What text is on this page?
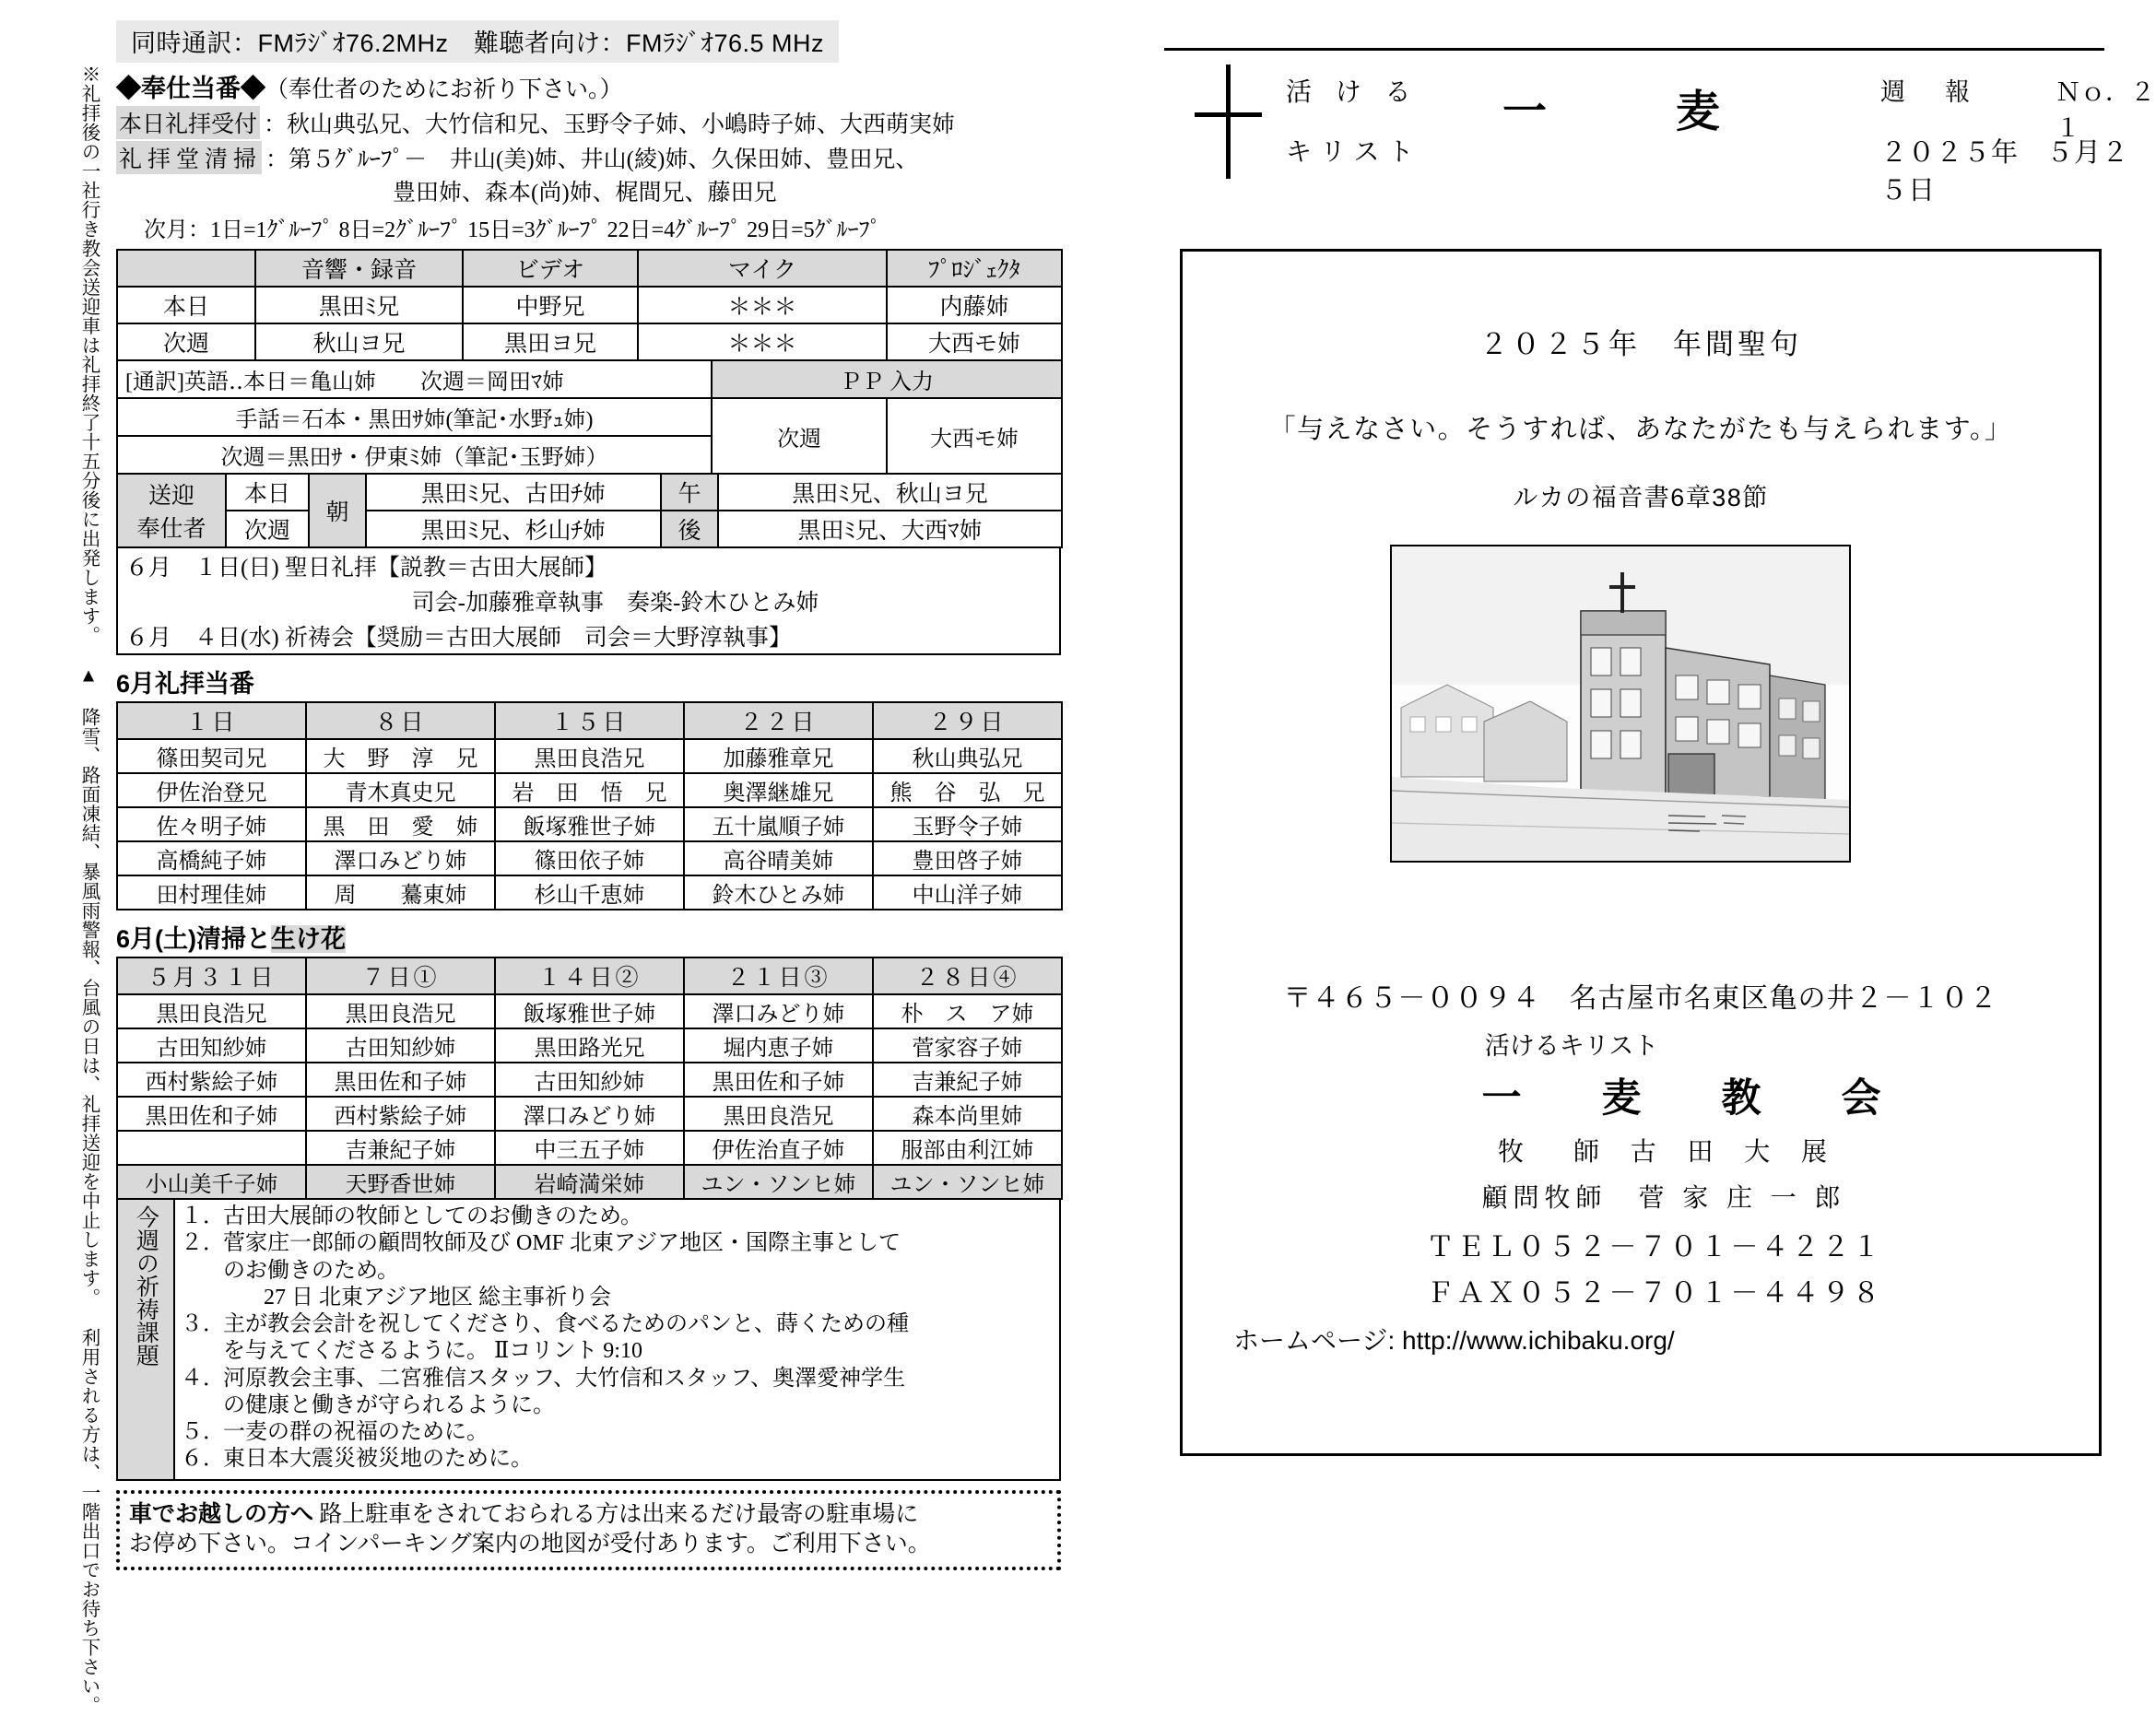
※礼拝後の一社行き教会送迎車は礼拝終了十五分後に出発します。 ▲ 降雪、路面凍結、暴風雨警報、台風の日は、礼拝送迎を中止します。 利用される方は、一階出口でお待ち下さい。
同時通訳：FMﾗｼﾞｵ76.2MHz　難聴者向け：FMﾗｼﾞｵ76.5 MHz
◆奉仕当番◆（奉仕者のためにお祈り下さい。）
本日礼拝受付 ：秋山典弘兄、大竹信和兄、玉野令子姉、小嶋時子姉、大西萌実姉
礼拝堂清掃 ：第５ｸﾞﾙｰﾌﾟ－　井山(美)姉、井山(綾)姉、久保田姉、豊田兄、
豊田姉、森本(尚)姉、梶間兄、藤田兄
次月：1日=1ｸﾞﾙｰﾌﾟ 8日=2ｸﾞﾙｰﾌﾟ 15日=3ｸﾞﾙｰﾌﾟ 22日=4ｸﾞﾙｰﾌﾟ 29日=5ｸﾞﾙｰﾌﾟ
	音響・録音	ビデオ	マイク	ﾌﾟﾛｼﾞｪｸﾀ
本日	黒田ﾐ兄	中野兄	＊＊＊	内藤姉
次週	秋山ヨ兄	黒田ヨ兄	＊＊＊	大西モ姉
[通訳]英語‥本日＝亀山姉　　次週＝岡田ﾏ姉	ＰＰ 入力	
手話＝石本・黒田ｻ姉(筆記･水野ｭ姉)	次週	大西モ姉
次週＝黒田ｻ・伊東ﾐ姉（筆記･玉野姉）		
送迎
奉仕者	本日	朝	黒田ﾐ兄、古田ﾁ姉	午	黒田ﾐ兄、秋山ヨ兄
	次週		黒田ﾐ兄、杉山ﾁ姉	後	黒田ﾐ兄、大西ﾏ姉
６月　１日(日) 聖日礼拝【説教＝古田大展師】
司会-加藤雅章執事　奏楽-鈴木ひとみ姉
６月　４日(水) 祈祷会【奨励＝古田大展師　司会＝大野淳執事】
6月礼拝当番
１日	８日	１５日	２２日	２９日
篠田契司兄	大　野　淳　兄	黒田良浩兄	加藤雅章兄	秋山典弘兄
伊佐治登兄	青木真史兄	岩　田　悟　兄	奥澤継雄兄	熊　谷　弘　兄
佐々明子姉	黒　田　愛　姉	飯塚雅世子姉	五十嵐順子姉	玉野令子姉
高橋純子姉	澤口みどり姉	篠田依子姉	高谷晴美姉	豊田啓子姉
田村理佳姉	周　　驀東姉	杉山千恵姉	鈴木ひとみ姉	中山洋子姉
6月(土)清掃と生け花
５月３１日	７日①	１４日②	２１日③	２８日④
黒田良浩兄	黒田良浩兄	飯塚雅世子姉	澤口みどり姉	朴　ス　ア姉
古田知紗姉	古田知紗姉	黒田路光兄	堀内恵子姉	菅家容子姉
西村紫絵子姉	黒田佐和子姉	古田知紗姉	黒田佐和子姉	吉兼紀子姉
黒田佐和子姉	西村紫絵子姉	澤口みどり姉	黒田良浩兄	森本尚里姉
	吉兼紀子姉	中三五子姉	伊佐治直子姉	服部由利江姉
小山美千子姉	天野香世姉	岩崎満栄姉	ユン・ソンヒ姉	ユン・ソンヒ姉
今週の祈祷課題	１．古田大展師の牧師としてのお働きのため。
２．菅家庄一郎師の顧問牧師及び OMF 北東アジア地区・国際主事として
のお働きのため。
27 日 北東アジア地区 総主事祈り会
３．主が教会会計を祝してくださり、食べるためのパンと、蒔くための種
を与えてくださるように。 Ⅱコリント 9:10
４．河原教会主事、二宮雅信スタッフ、大竹信和スタッフ、奥澤愛神学生
の健康と働きが守られるように。
５．一麦の群の祝福のために。
６．東日本大震災被災地のために。
車でお越しの方へ 路上駐車をされておられる方は出来るだけ最寄の駐車場に
お停め下さい。コインパーキング案内の地図が受付あります。ご利用下さい。
活 け る
キリスト
一　麦	週　報	Ｎｏ．２１
２０２５年　５月２５日
２０２５年　年間聖句
「与えなさい。そうすれば、あなたがたも与えられます。」
ルカの福音書6章38節
〒４６５－００９４　名古屋市名東区亀の井２－１０２
活けるキリスト
一　麦　教　会
牧　師 古 田 大 展
顧問牧師　菅 家 庄 一 郎
ＴＥＬ０５２－７０１－４２２１
ＦＡＸ０５２－７０１－４４９８
ホームページ: http://www.ichibaku.org/
